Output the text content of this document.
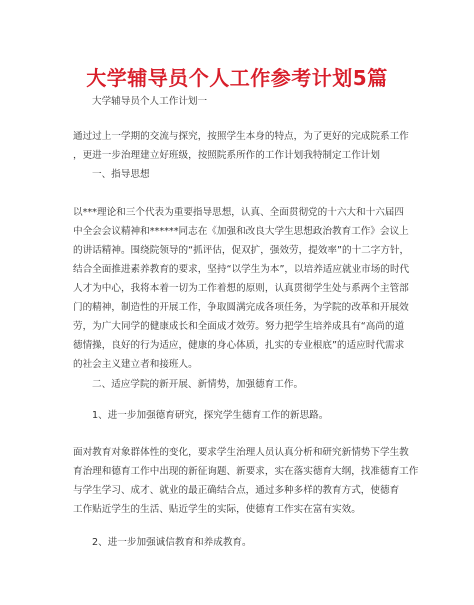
大学辅导员个人工作参考计划5篇

大学辅导员个人工作计划一

通过过上一学期的交流与探究，按照学生本身的特点，为了更好的完成院系工作
，更进一步治理建立好班级，按照院系所作的工作计划我特制定工作计划

一、指导思想

以***理论和三个代表为重要指导思想，认真、全面贯彻党的十六大和十六届四
中全会会议精神和******同志在《加强和改良大学生思想政治教育工作》会议上
的讲话精神。围绕院领导的“抓评估，促双扩，强效劳，提效率”的十二字方针，
结合全面推进素养教育的要求，坚持“以学生为本”，以培养适应就业市场的时代
人才为中心，我将本着一切为工作着想的原则，认真贯彻学生处与系两个主管部
门的精神，制造性的开展工作，争取圆满完成各项任务，为学院的改革和开展效
劳，为广大同学的健康成长和全面成才效劳。努力把学生培养成具有“高尚的道
德情操，良好的行为适应，健康的身心体质，扎实的专业根底”的适应时代需求
的社会主义建立者和接班人。

二、适应学院的新开展、新情势，加强德育工作。

1、进一步加强德育研究，探究学生德育工作的新思路。

面对教育对象群体性的变化，要求学生治理人员认真分析和研究新情势下学生教
育治理和德育工作中出现的新征询题、新要求，实在落实德育大纲，找准德育工作
与学生学习、成才、就业的最正确结合点，通过多种多样的教育方式，使德育
工作贴近学生的生活、贴近学生的实际，使德育工作实在富有实效。

2、进一步加强诚信教育和养成教育。
